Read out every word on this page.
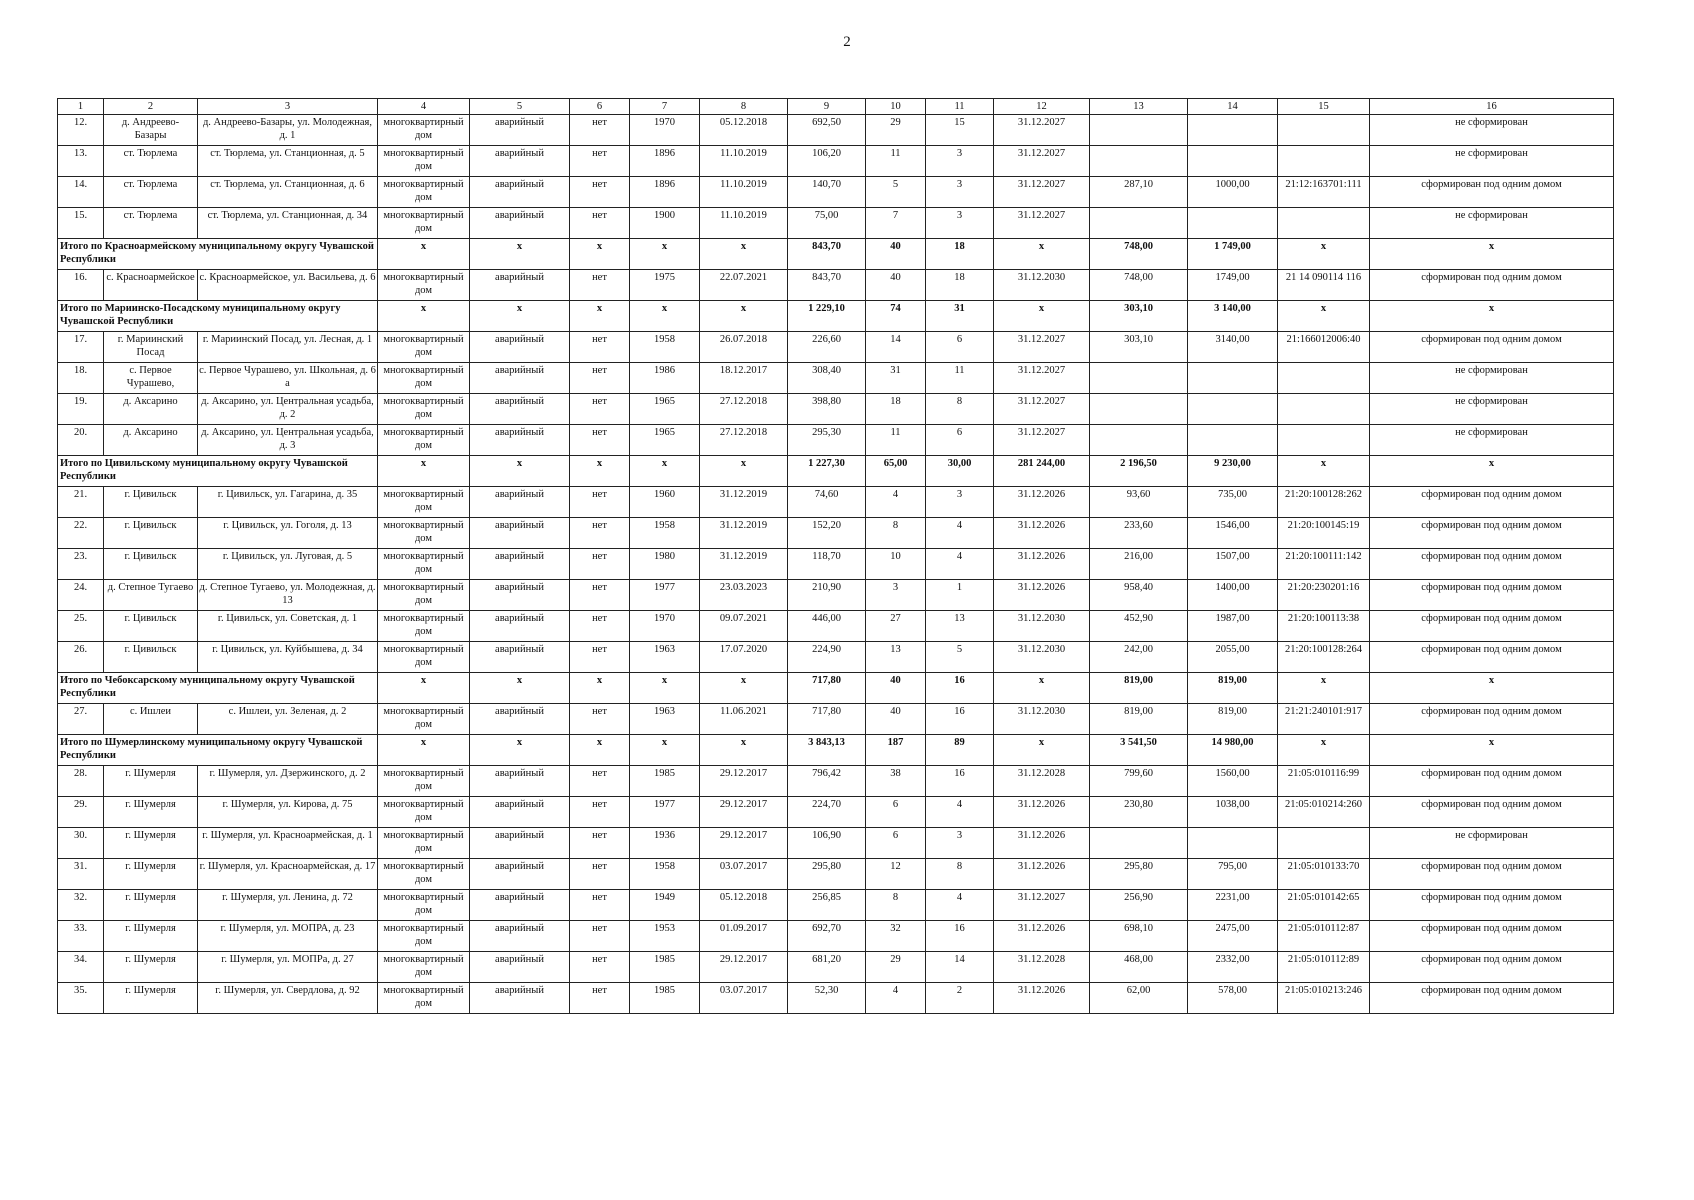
2
1	2	3	4	5	6	7	8	9	10	11	12	13	14	15	16
12.	д. Андреево-Базары	д. Андреево-Базары, ул. Молодежная, д. 1	многоквартирный дом	аварийный	нет	1970	05.12.2018	692,50	29	15	31.12.2027				не сформирован
13.	ст. Тюрлема	ст. Тюрлема, ул. Станционная, д. 5	многоквартирный дом	аварийный	нет	1896	11.10.2019	106,20	11	3	31.12.2027				не сформирован
14.	ст. Тюрлема	ст. Тюрлема, ул. Станционная, д. 6	многоквартирный дом	аварийный	нет	1896	11.10.2019	140,70	5	3	31.12.2027	287,10	1000,00	21:12:163701:111	сформирован под одним домом
15.	ст. Тюрлема	ст. Тюрлема, ул. Станционная, д. 34	многоквартирный дом	аварийный	нет	1900	11.10.2019	75,00	7	3	31.12.2027				не сформирован
Итого по Красноармейскому муниципальному округу Чувашской Республики			x	x	x	x	x	843,70	40	18	x	748,00	1 749,00	x	x
16.	с. Красноармейское	с. Красноармейское, ул. Васильева, д. 6	многоквартирный дом	аварийный	нет	1975	22.07.2021	843,70	40	18	31.12.2030	748,00	1749,00	21 14 090114 116	сформирован под одним домом
Итого по Мариинско-Посадскому муниципальному округу Чувашской Республики			x	x	x	x	x	1 229,10	74	31	x	303,10	3 140,00	x	x
17.	г. Мариинский Посад	г. Мариинский Посад, ул. Лесная, д. 1	многоквартирный дом	аварийный	нет	1958	26.07.2018	226,60	14	6	31.12.2027	303,10	3140,00	21:166012006:40	сформирован под одним домом
18.	с. Первое Чурашево,	с. Первое Чурашево, ул. Школьная, д. 6 а	многоквартирный дом	аварийный	нет	1986	18.12.2017	308,40	31	11	31.12.2027				не сформирован
19.	д. Аксарино	д. Аксарино, ул. Центральная усадьба, д. 2	многоквартирный дом	аварийный	нет	1965	27.12.2018	398,80	18	8	31.12.2027				не сформирован
20.	д. Аксарино	д. Аксарино, ул. Центральная усадьба, д. 3	многоквартирный дом	аварийный	нет	1965	27.12.2018	295,30	11	6	31.12.2027				не сформирован
Итого по Цивильскому муниципальному округу Чувашской Республики			x	x	x	x	x	1 227,30	65,00	30,00	281 244,00	2 196,50	9 230,00	x	x
21.	г. Цивильск	г. Цивильск, ул. Гагарина, д. 35	многоквартирный дом	аварийный	нет	1960	31.12.2019	74,60	4	3	31.12.2026	93,60	735,00	21:20:100128:262	сформирован под одним домом
22.	г. Цивильск	г. Цивильск, ул. Гоголя, д. 13	многоквартирный дом	аварийный	нет	1958	31.12.2019	152,20	8	4	31.12.2026	233,60	1546,00	21:20:100145:19	сформирован под одним домом
23.	г. Цивильск	г. Цивильск, ул. Луговая, д. 5	многоквартирный дом	аварийный	нет	1980	31.12.2019	118,70	10	4	31.12.2026	216,00	1507,00	21:20:100111:142	сформирован под одним домом
24.	д. Степное Тугаево	д. Степное Тугаево, ул. Молодежная, д. 13	многоквартирный дом	аварийный	нет	1977	23.03.2023	210,90	3	1	31.12.2026	958,40	1400,00	21:20:230201:16	сформирован под одним домом
25.	г. Цивильск	г. Цивильск, ул. Советская, д. 1	многоквартирный дом	аварийный	нет	1970	09.07.2021	446,00	27	13	31.12.2030	452,90	1987,00	21:20:100113:38	сформирован под одним домом
26.	г. Цивильск	г. Цивильск, ул. Куйбышева, д. 34	многоквартирный дом	аварийный	нет	1963	17.07.2020	224,90	13	5	31.12.2030	242,00	2055,00	21:20:100128:264	сформирован под одним домом
Итого по Чебоксарскому муниципальному округу Чувашской Республики			x	x	x	x	x	717,80	40	16	x	819,00	819,00	x	x
27.	с. Ишлеи	с. Ишлеи, ул. Зеленая, д. 2	многоквартирный дом	аварийный	нет	1963	11.06.2021	717,80	40	16	31.12.2030	819,00	819,00	21:21:240101:917	сформирован под одним домом
Итого по Шумерлинскому муниципальному округу Чувашской Республики			x	x	x	x	x	3 843,13	187	89	x	3 541,50	14 980,00	x	x
28.	г. Шумерля	г. Шумерля, ул. Дзержинского, д. 2	многоквартирный дом	аварийный	нет	1985	29.12.2017	796,42	38	16	31.12.2028	799,60	1560,00	21:05:010116:99	сформирован под одним домом
29.	г. Шумерля	г. Шумерля, ул. Кирова, д. 75	многоквартирный дом	аварийный	нет	1977	29.12.2017	224,70	6	4	31.12.2026	230,80	1038,00	21:05:010214:260	сформирован под одним домом
30.	г. Шумерля	г. Шумерля, ул. Красноармейская, д. 1	многоквартирный дом	аварийный	нет	1936	29.12.2017	106,90	6	3	31.12.2026				не сформирован
31.	г. Шумерля	г. Шумерля, ул. Красноармейская, д. 17	многоквартирный дом	аварийный	нет	1958	03.07.2017	295,80	12	8	31.12.2026	295,80	795,00	21:05:010133:70	сформирован под одним домом
32.	г. Шумерля	г. Шумерля, ул. Ленина, д. 72	многоквартирный дом	аварийный	нет	1949	05.12.2018	256,85	8	4	31.12.2027	256,90	2231,00	21:05:010142:65	сформирован под одним домом
33.	г. Шумерля	г. Шумерля, ул. МОПРА, д. 23	многоквартирный дом	аварийный	нет	1953	01.09.2017	692,70	32	16	31.12.2026	698,10	2475,00	21:05:010112:87	сформирован под одним домом
34.	г. Шумерля	г. Шумерля, ул. МОПРа, д. 27	многоквартирный дом	аварийный	нет	1985	29.12.2017	681,20	29	14	31.12.2028	468,00	2332,00	21:05:010112:89	сформирован под одним домом
35.	г. Шумерля	г. Шумерля, ул. Свердлова, д. 92	многоквартирный дом	аварийный	нет	1985	03.07.2017	52,30	4	2	31.12.2026	62,00	578,00	21:05:010213:246	сформирован под одним домом
